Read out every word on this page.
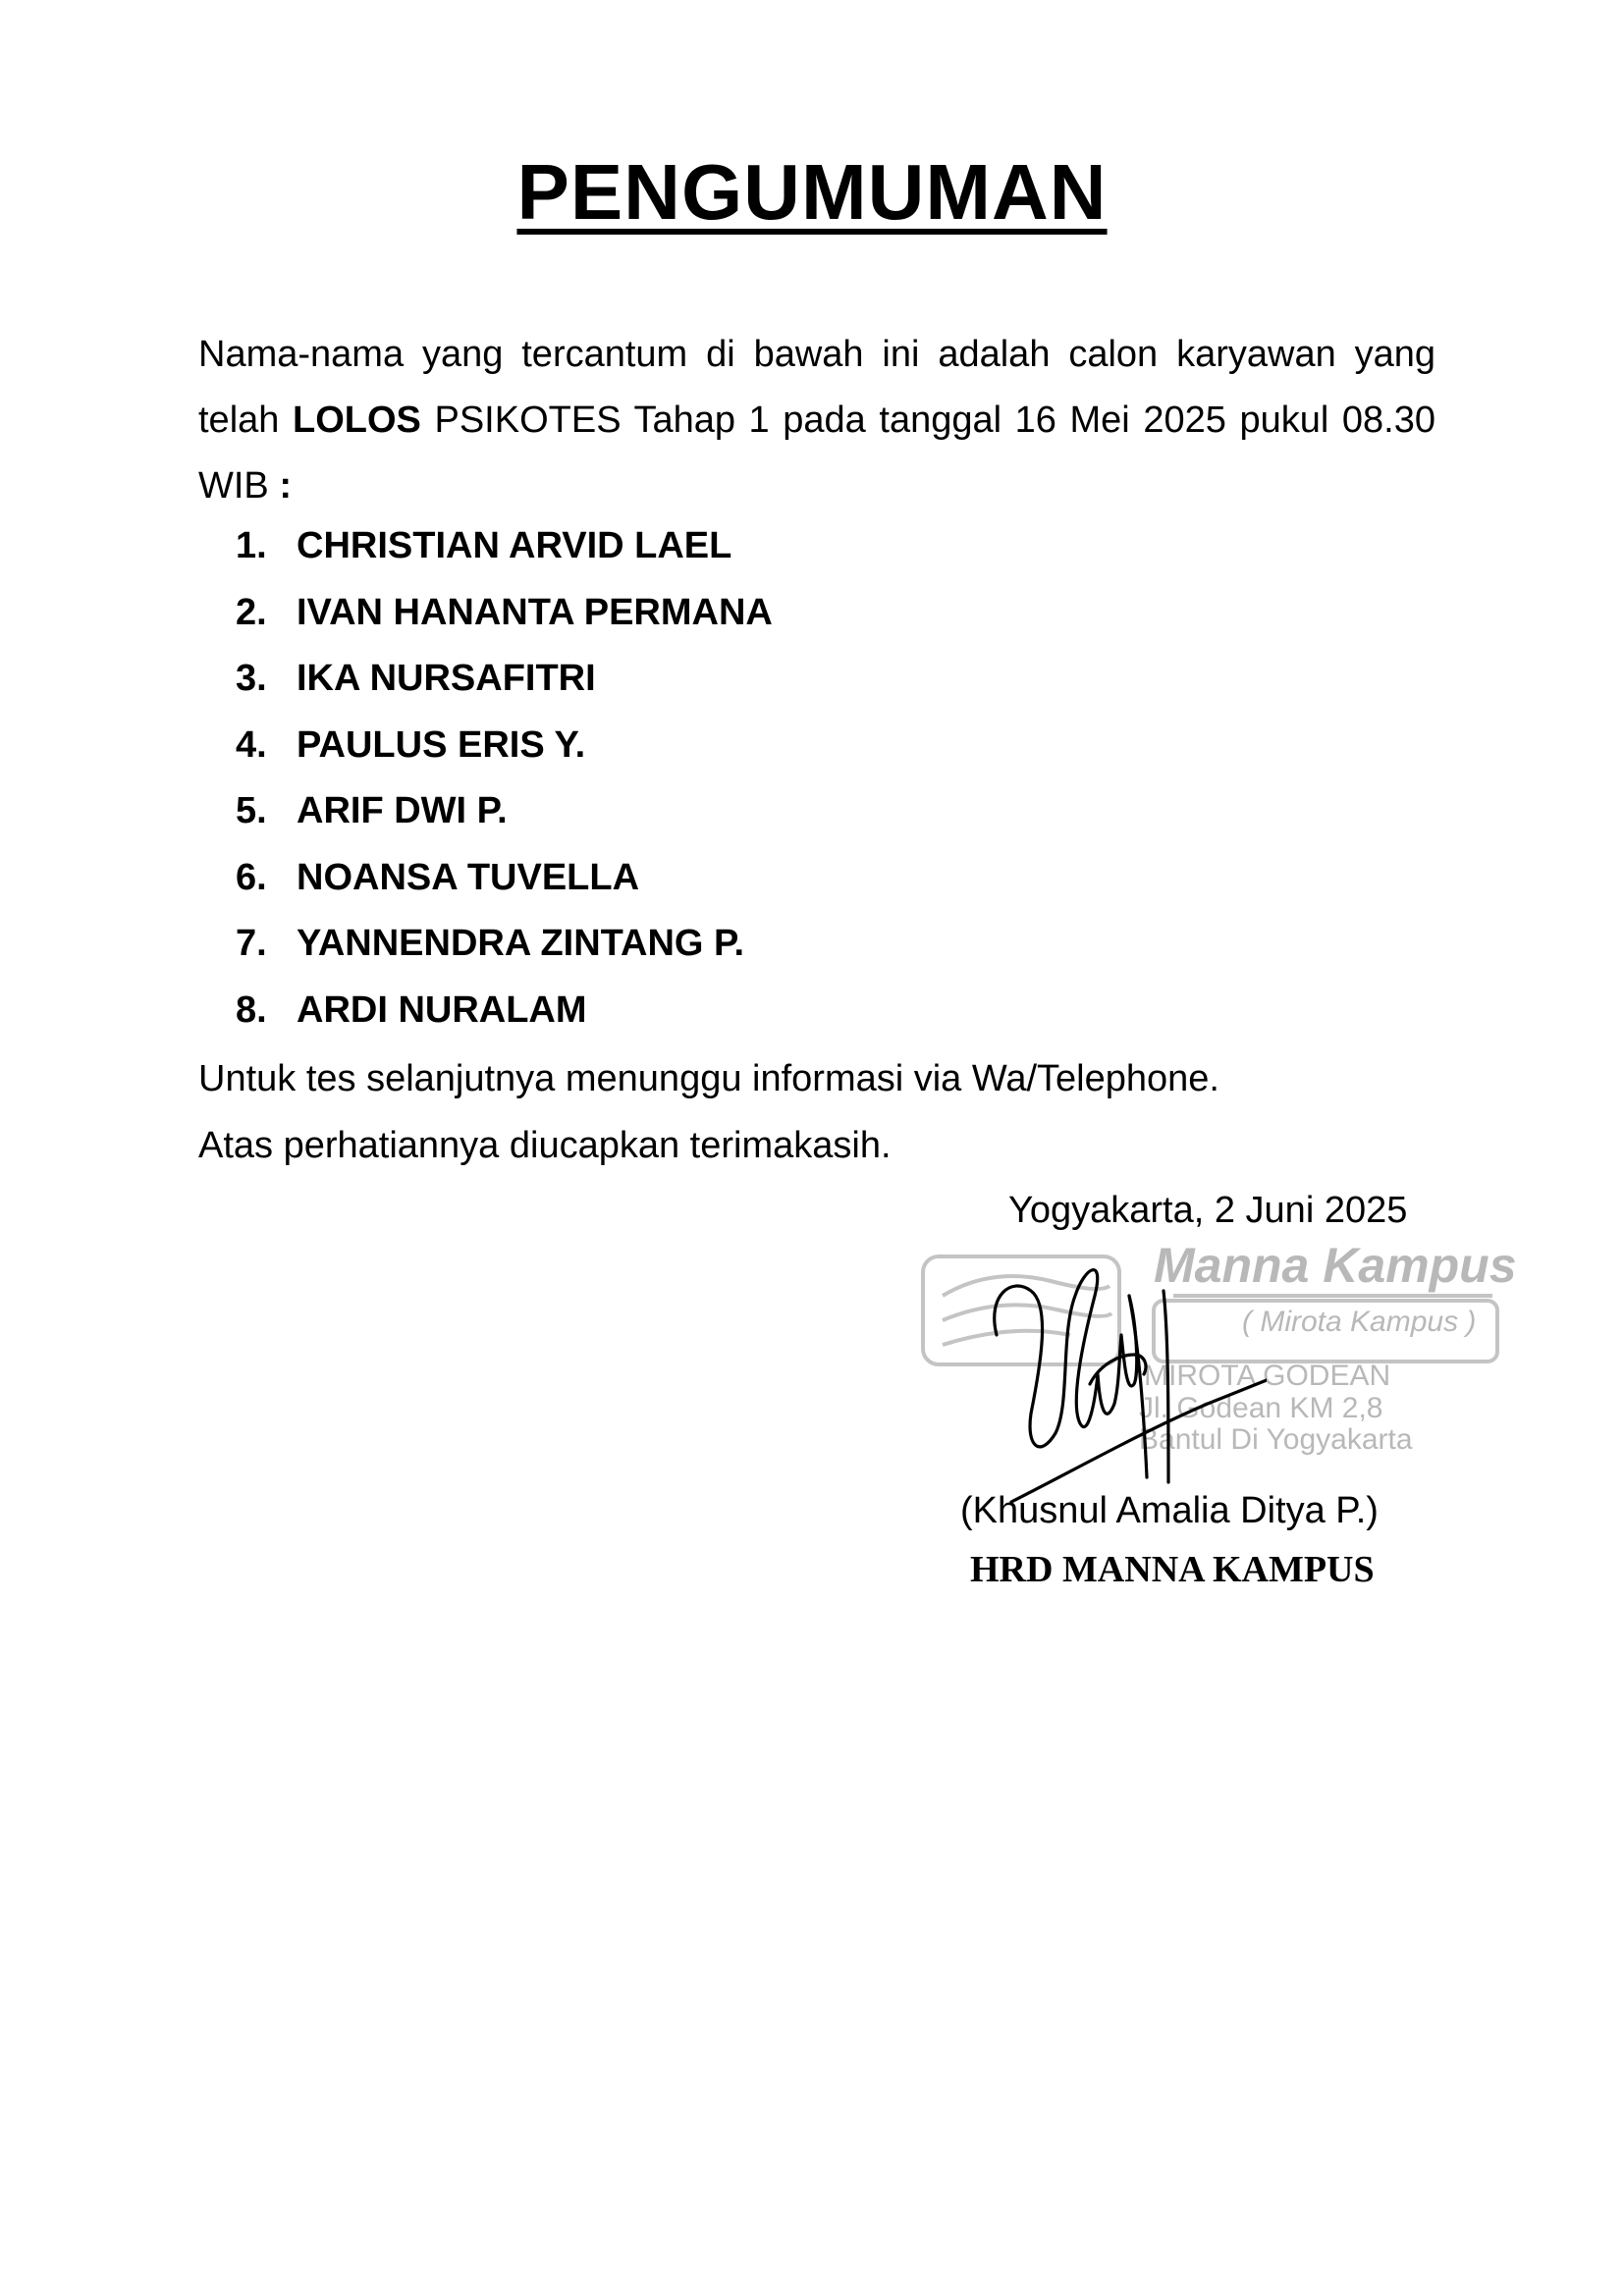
PENGUMUMAN
Nama-nama yang tercantum di bawah ini adalah calon karyawan yang telah LOLOS PSIKOTES Tahap 1 pada tanggal 16 Mei 2025 pukul 08.30 WIB :
1. CHRISTIAN ARVID LAEL
2. IVAN HANANTA PERMANA
3. IKA NURSAFITRI
4. PAULUS ERIS Y.
5. ARIF DWI P.
6. NOANSA TUVELLA
7. YANNENDRA ZINTANG P.
8. ARDI NURALAM
Untuk tes selanjutnya menunggu informasi via Wa/Telephone.
Atas perhatiannya diucapkan terimakasih.
Yogyakarta, 2 Juni 2025
Manna Kampus
( Mirota Kampus )
MIROTA GODEAN
Jl. Godean KM 2,8
Bantul Di Yogyakarta
(Khusnul Amalia Ditya P.)
HRD MANNA KAMPUS
